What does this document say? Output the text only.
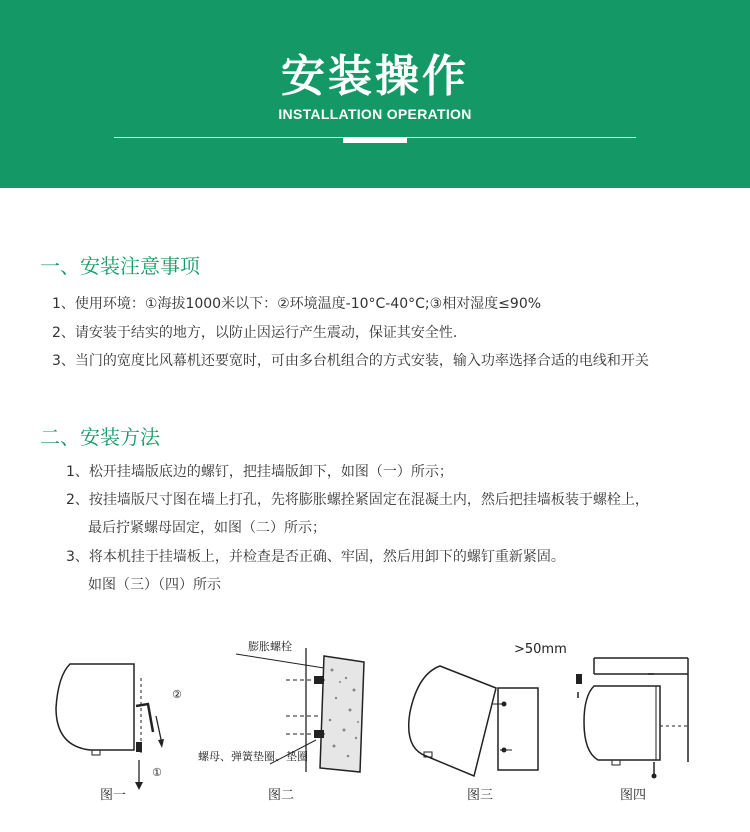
安装操作
INSTALLATION OPERATION
一、安装注意事项
1、使用环境：①海拔1000米以下：②环境温度-10°C-40°C;③相对湿度≤90%
2、请安装于结实的地方，以防止因运行产生震动，保证其安全性.
3、当门的宽度比风幕机还要宽时，可由多台机组合的方式安装，输入功率选择合适的电线和开关
二、安装方法
1、松开挂墙版底边的螺钉，把挂墙版卸下，如图（一）所示；
2、按挂墙版尺寸图在墙上打孔，先将膨胀螺拴紧固定在混凝土内，然后把挂墙板装于螺栓上，
最后拧紧螺母固定，如图（二）所示；
3、将本机挂于挂墙板上，并检查是否正确、牢固，然后用卸下的螺钉重新紧固。
如图（三）（四）所示
②
①
图一
膨胀螺栓
螺母、弹簧垫圈、垫圈
图二
>50mm
图三	图四
